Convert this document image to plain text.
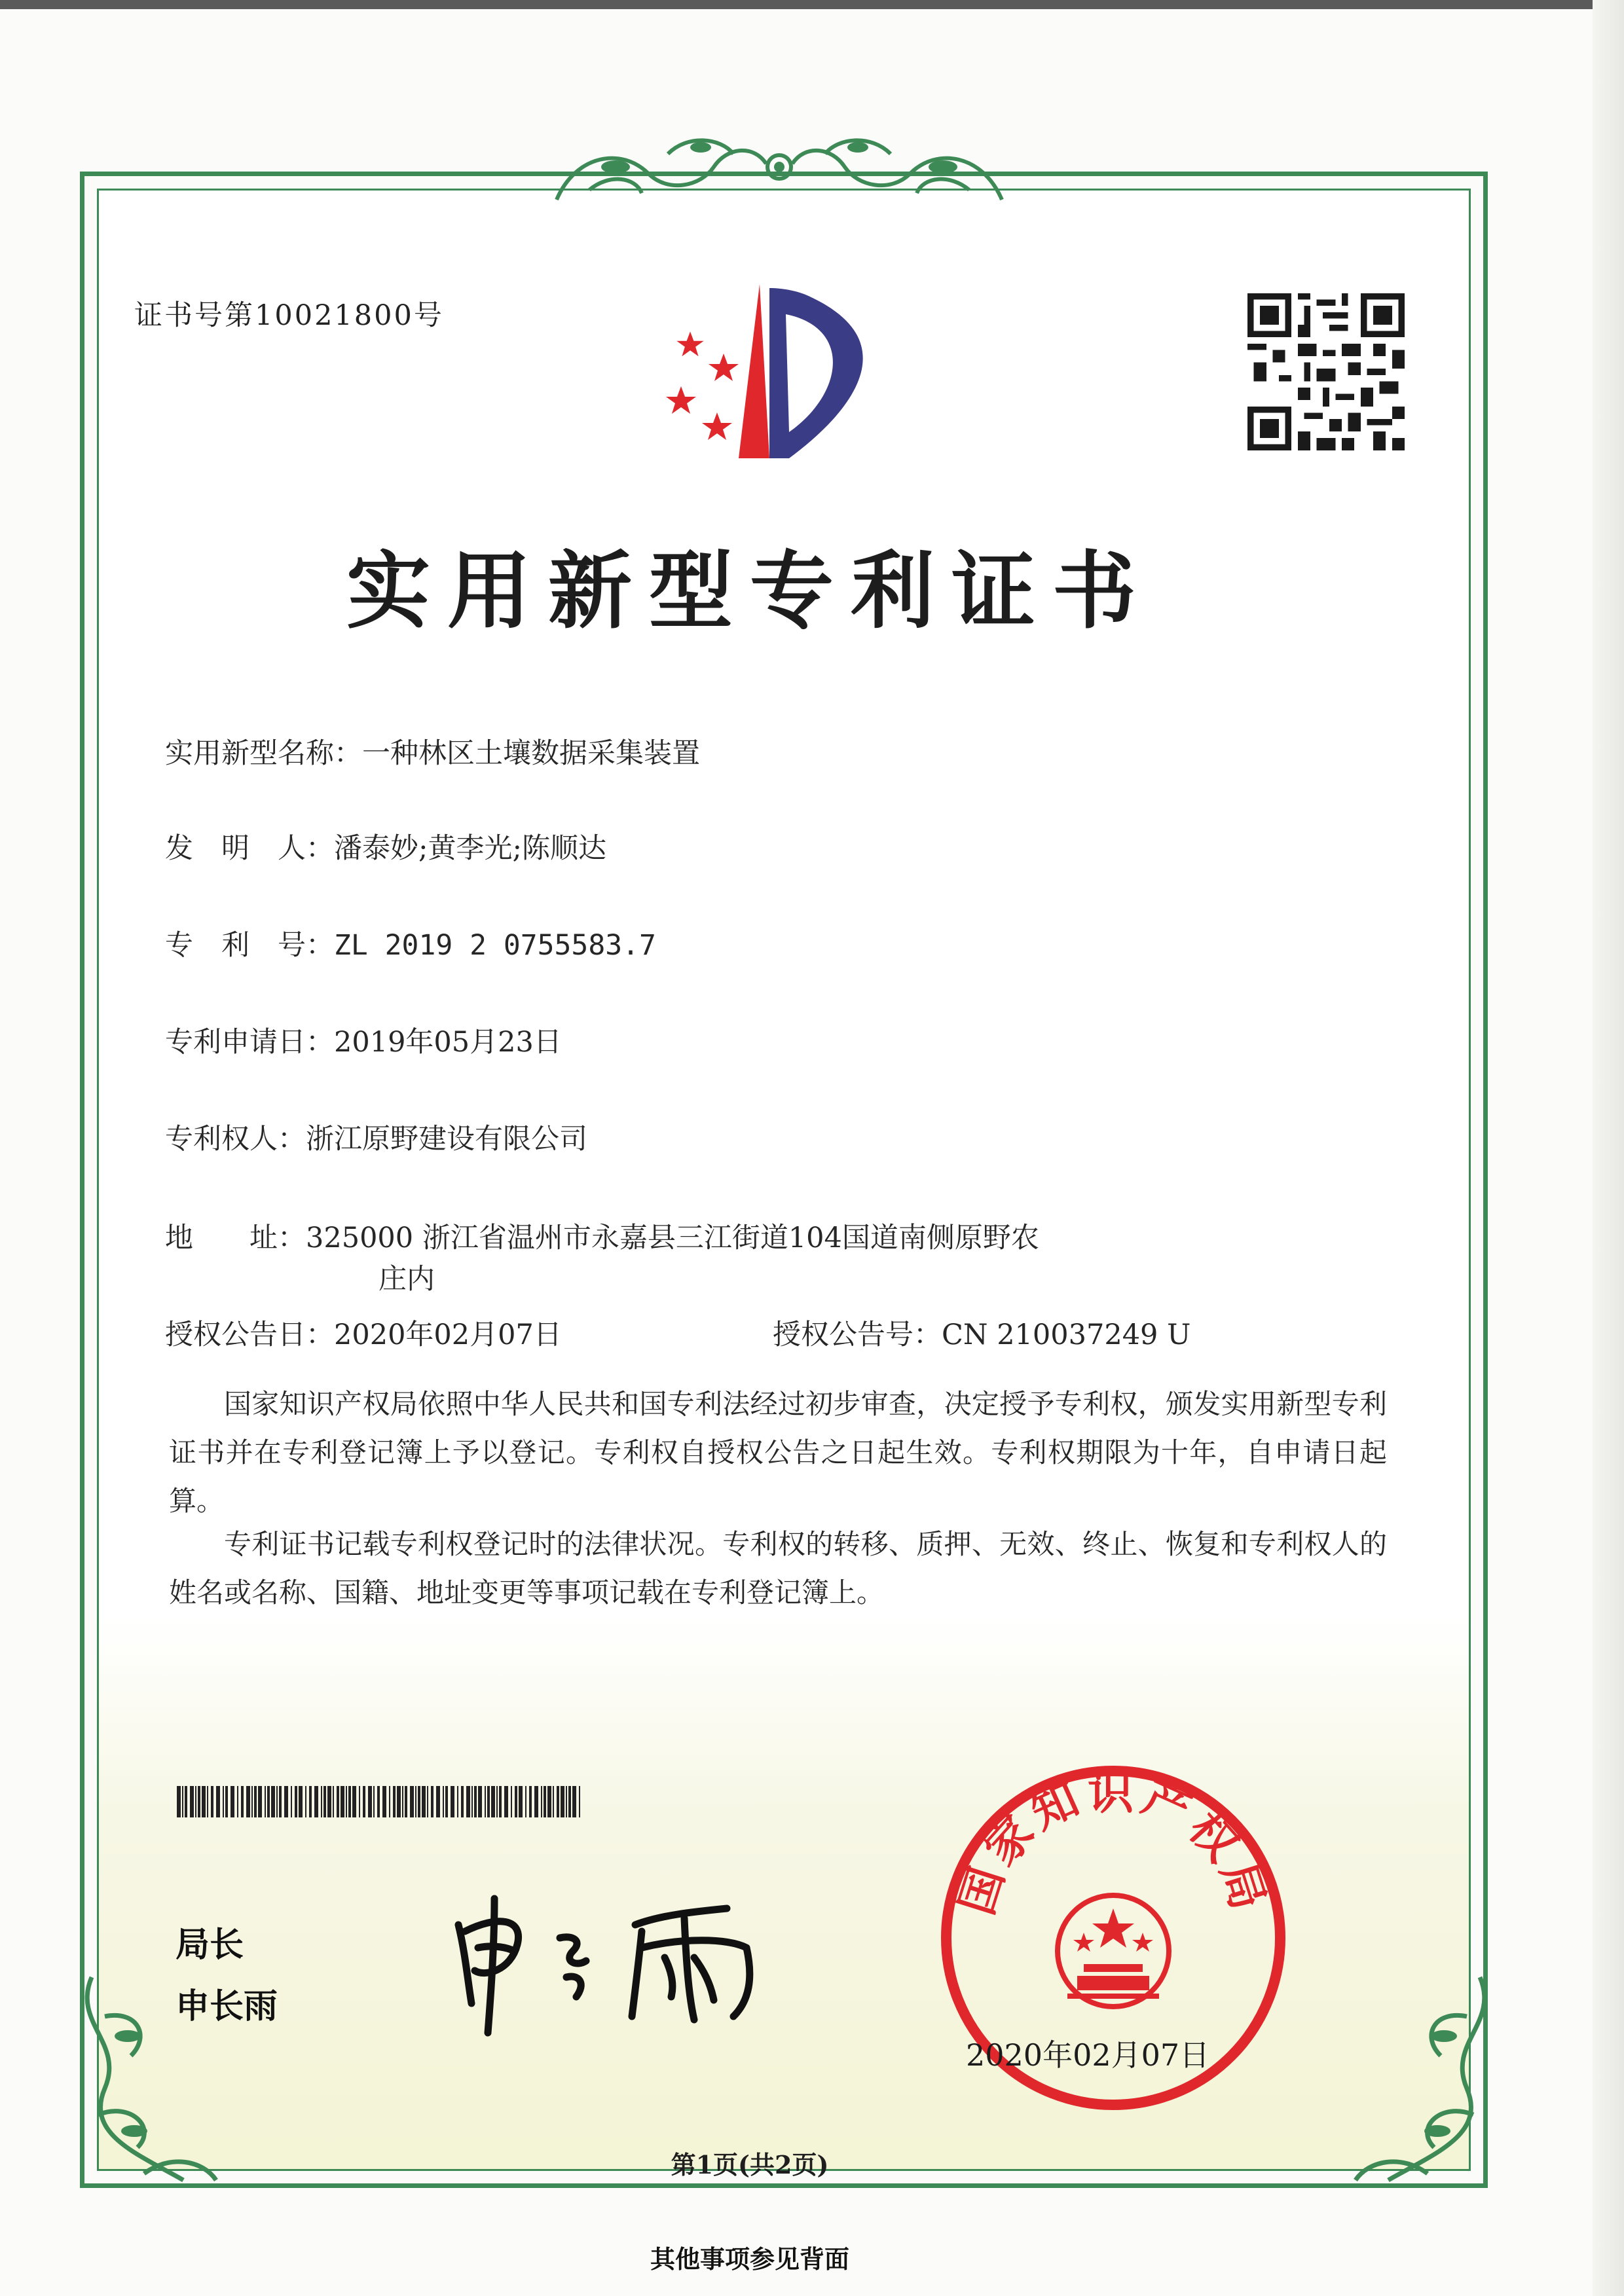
证书号第10021800号
实用新型专利证书
实用新型名称：一种林区土壤数据采集装置
发　明　人：潘泰妙;黄李光;陈顺达
专　利　号：ZL 2019 2 0755583.7
专利申请日：2019年05月23日
专利权人：浙江原野建设有限公司
地　　址：325000 浙江省温州市永嘉县三江街道104国道南侧原野农
庄内
授权公告日：2020年02月07日	授权公告号：CN 210037249 U
国家知识产权局依照中华人民共和国专利法经过初步审查，决定授予专利权，颁发实用新型专利证书并在专利登记簿上予以登记。专利权自授权公告之日起生效。专利权期限为十年，自申请日起算。
专利证书记载专利权登记时的法律状况。专利权的转移、质押、无效、终止、恢复和专利权人的姓名或名称、国籍、地址变更等事项记载在专利登记簿上。
局长
申长雨
国家知识产权局
2020年02月07日
第1页(共2页)
其他事项参见背面
